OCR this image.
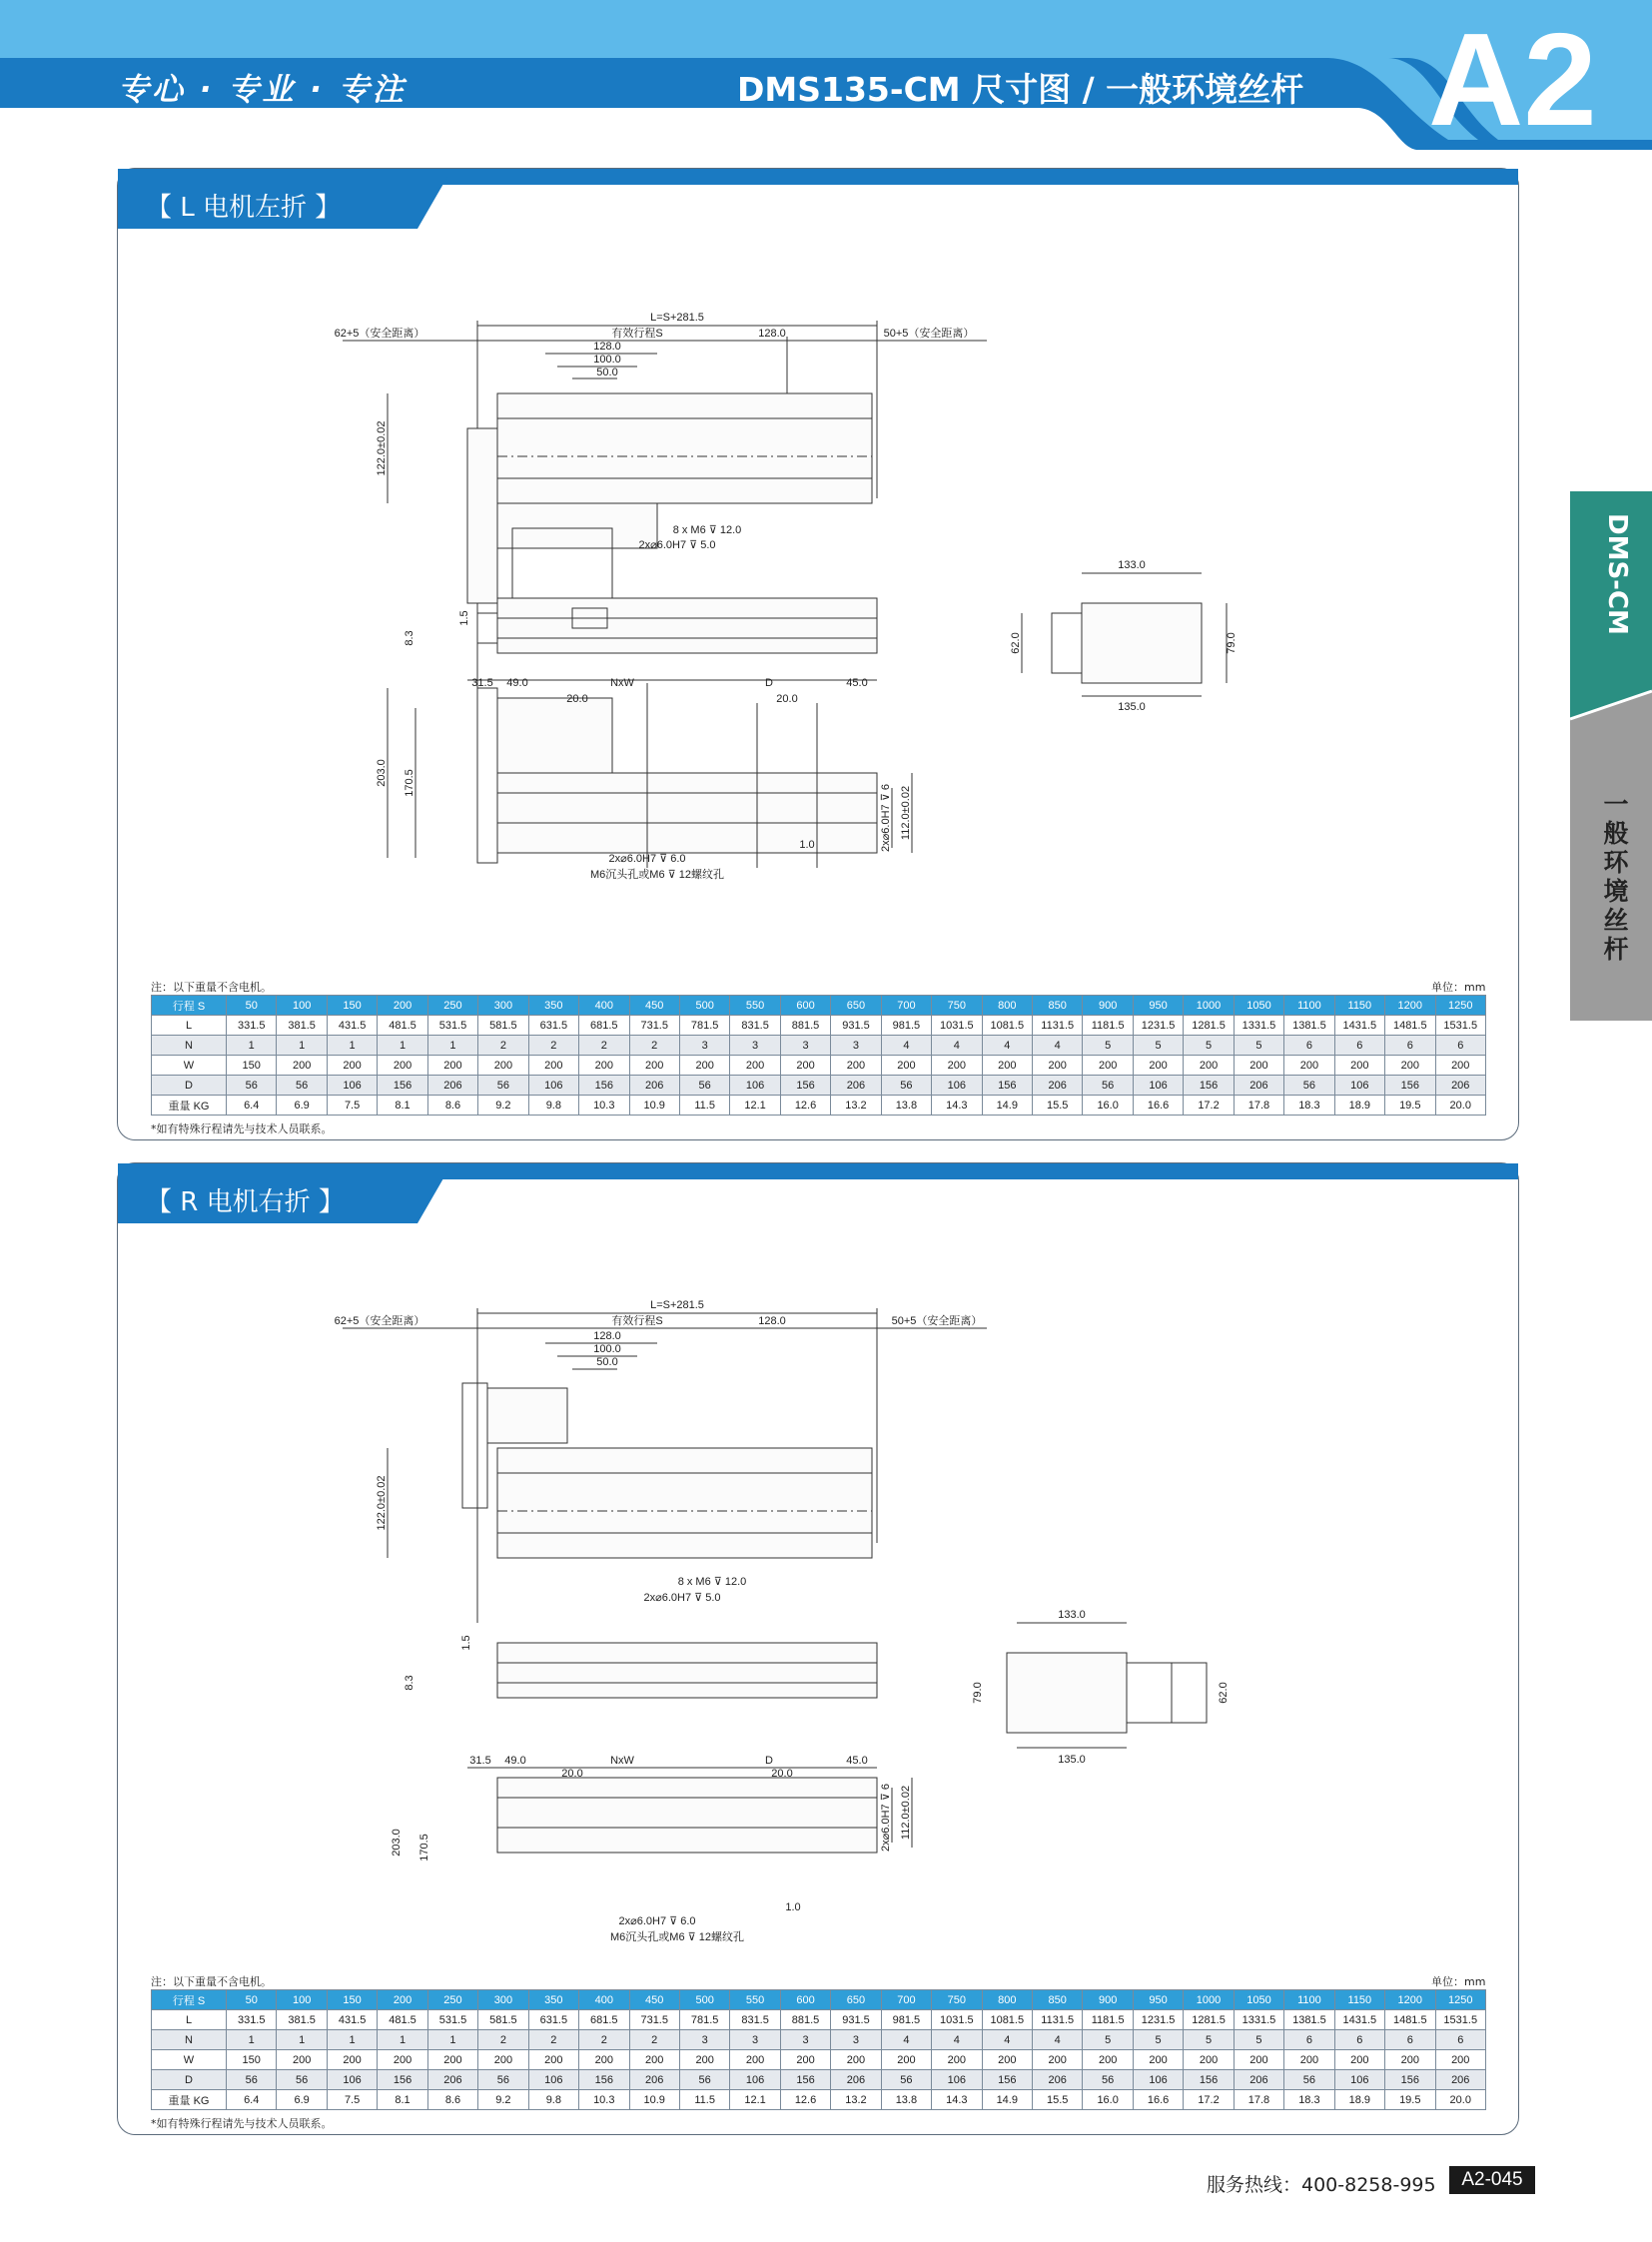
专心 · 专业 · 专注	DMS135-CM 尺寸图 / 一般环境丝杆 A2
DMS-CM
一般环境丝杆
【 L 电机左折 】
L=S+281.5
62+5（安全距离）	有效行程S	128.0	50+5（安全距离）
128.0
100.0
50.0
8 x M6 ⊽ 12.0
2x⌀6.0H7 ⊽ 5.0
133.0
135.0
31.5 49.0	NxW	D	45.0
20.0	20.0
2x⌀6.0H7 ⊽ 6.0
M6沉头孔或M6 ⊽ 12螺纹孔
1.0
122.0±0.02
1.5
8.3	62.0	79.0
203.0 170.5
112.0±0.02
2x⌀6.0H7 ⊽ 6
注：以下重量不含电机。	单位：mm
行程 S	50	100	150	200	250	300	350	400	450	500	550	600	650	700	750	800	850	900	950	1000	1050	1100	1150	1200	1250
L	331.5	381.5	431.5	481.5	531.5	581.5	631.5	681.5	731.5	781.5	831.5	881.5	931.5	981.5	1031.5	1081.5	1131.5	1181.5	1231.5	1281.5	1331.5	1381.5	1431.5	1481.5	1531.5
N	1	1	1	1	1	2	2	2	2	3	3	3	3	4	4	4	4	5	5	5	5	6	6	6	6
W	150	200	200	200	200	200	200	200	200	200	200	200	200	200	200	200	200	200	200	200	200	200	200	200	200
D	56	56	106	156	206	56	106	156	206	56	106	156	206	56	106	156	206	56	106	156	206	56	106	156	206
重量 KG	6.4	6.9	7.5	8.1	8.6	9.2	9.8	10.3	10.9	11.5	12.1	12.6	13.2	13.8	14.3	14.9	15.5	16.0	16.6	17.2	17.8	18.3	18.9	19.5	20.0
*如有特殊行程请先与技术人员联系。
【 R 电机右折 】
L=S+281.5
62+5（安全距离）	有效行程S	128.0	50+5（安全距离）
128.0
100.0
50.0
8 x M6 ⊽ 12.0
2x⌀6.0H7 ⊽ 5.0
133.0
135.0
31.5 49.0	NxW	D	45.0
20.0	20.0
2x⌀6.0H7 ⊽ 6.0
M6沉头孔或M6 ⊽ 12螺纹孔
1.0
122.0±0.02
1.5
8.3	62.0
79.0
203.0 170.5
112.0±0.02
2x⌀6.0H7 ⊽ 6
注：以下重量不含电机。	单位：mm
行程 S	50	100	150	200	250	300	350	400	450	500	550	600	650	700	750	800	850	900	950	1000	1050	1100	1150	1200	1250
L	331.5	381.5	431.5	481.5	531.5	581.5	631.5	681.5	731.5	781.5	831.5	881.5	931.5	981.5	1031.5	1081.5	1131.5	1181.5	1231.5	1281.5	1331.5	1381.5	1431.5	1481.5	1531.5
N	1	1	1	1	1	2	2	2	2	3	3	3	3	4	4	4	4	5	5	5	5	6	6	6	6
W	150	200	200	200	200	200	200	200	200	200	200	200	200	200	200	200	200	200	200	200	200	200	200	200	200
D	56	56	106	156	206	56	106	156	206	56	106	156	206	56	106	156	206	56	106	156	206	56	106	156	206
重量 KG	6.4	6.9	7.5	8.1	8.6	9.2	9.8	10.3	10.9	11.5	12.1	12.6	13.2	13.8	14.3	14.9	15.5	16.0	16.6	17.2	17.8	18.3	18.9	19.5	20.0
*如有特殊行程请先与技术人员联系。
服务热线：400-8258-995	A2-045
